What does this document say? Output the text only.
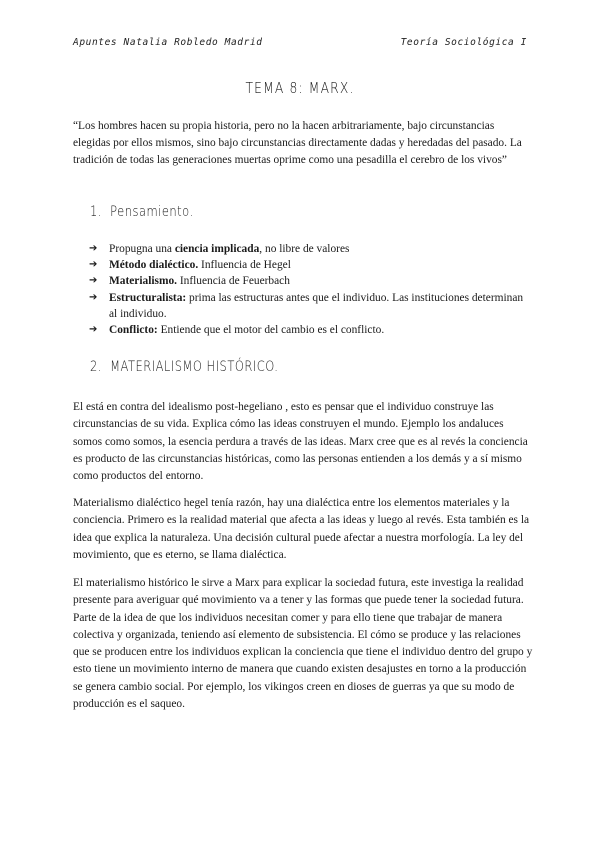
Apuntes Natalia Robledo Madrid	Teoría Sociológica I
TEMA 8: MARX.

“Los hombres hacen su propia historia, pero no la hacen arbitrariamente, bajo circunstancias elegidas por ellos mismos, sino bajo circunstancias directamente dadas y heredadas del pasado. La tradición de todas las generaciones muertas oprime como una pesadilla el cerebro de los vivos”

1. Pensamiento.
➔ Propugna una ciencia implicada, no libre de valores
➔ Método dialéctico. Influencia de Hegel
➔ Materialismo. Influencia de Feuerbach
➔ Estructuralista: prima las estructuras antes que el individuo. Las instituciones determinan al individuo.
➔ Conflicto: Entiende que el motor del cambio es el conflicto.
2. MATERIALISMO HISTÓRICO.

El está en contra del idealismo post-hegeliano , esto es pensar que el individuo construye las circunstancias de su vida. Explica cómo las ideas construyen el mundo. Ejemplo los andaluces somos como somos, la esencia perdura a través de las ideas. Marx cree que es al revés la conciencia es producto de las circunstancias históricas, como las personas entienden a los demás y a sí mismo como productos del entorno.

Materialismo dialéctico hegel tenía razón, hay una dialéctica entre los elementos materiales y la conciencia. Primero es la realidad material que afecta a las ideas y luego al revés. Esta también es la idea que explica la naturaleza. Una decisión cultural puede afectar a nuestra morfología. La ley del movimiento, que es eterno, se llama dialéctica.

El materialismo histórico le sirve a Marx para explicar la sociedad futura, este investiga la realidad presente para averiguar qué movimiento va a tener y las formas que puede tener la sociedad futura. Parte de la idea de que los individuos necesitan comer y para ello tiene que trabajar de manera colectiva y organizada, teniendo así elemento de subsistencia. El cómo se produce y las relaciones que se producen entre los individuos explican la conciencia que tiene el individuo dentro del grupo y esto tiene un movimiento interno de manera que cuando existen desajustes en torno a la producción se genera cambio social. Por ejemplo, los vikingos creen en dioses de guerras ya que su modo de producción es el saqueo.
